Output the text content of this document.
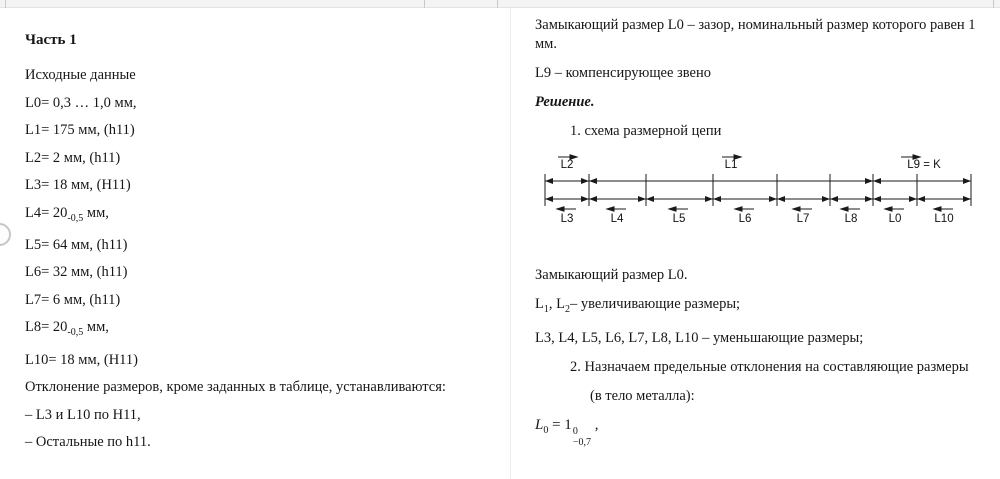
Часть 1

Исходные данные

L0= 0,3 … 1,0 мм,

L1= 175 мм, (h11)

L2= 2 мм, (h11)

L3= 18 мм, (H11)

$L4= 20_{-0,5}$ мм,

L5= 64 мм, (h11)

L6= 32 мм, (h11)

L7= 6 мм, (h11)

$L8= 20_{-0,5}$ мм,

L10= 18 мм, (H11)

Отклонение размеров, кроме заданных в таблице, устанавливаются:

– L3 и L10 по H11,

– Остальные по h11.

Замыкающий размер L0 – зазор, номинальный размер которого равен 1 мм.

L9 – компенсирующее звено

Решение.

1. схема размерной цепи

L2	L1	L9 = K
L3	L4	L5	L6	L7	L8	L0	L10

Замыкающий размер L0.

$L_1$, $L_2-$ увеличивающие размеры;

L3, L4, L5, L6, L7, L8, L10 – уменьшающие размеры;

2. Назначаем предельные отклонения на составляющие размеры

(в тело металла):

$L_0 = 1$ 0
−0,7
,
